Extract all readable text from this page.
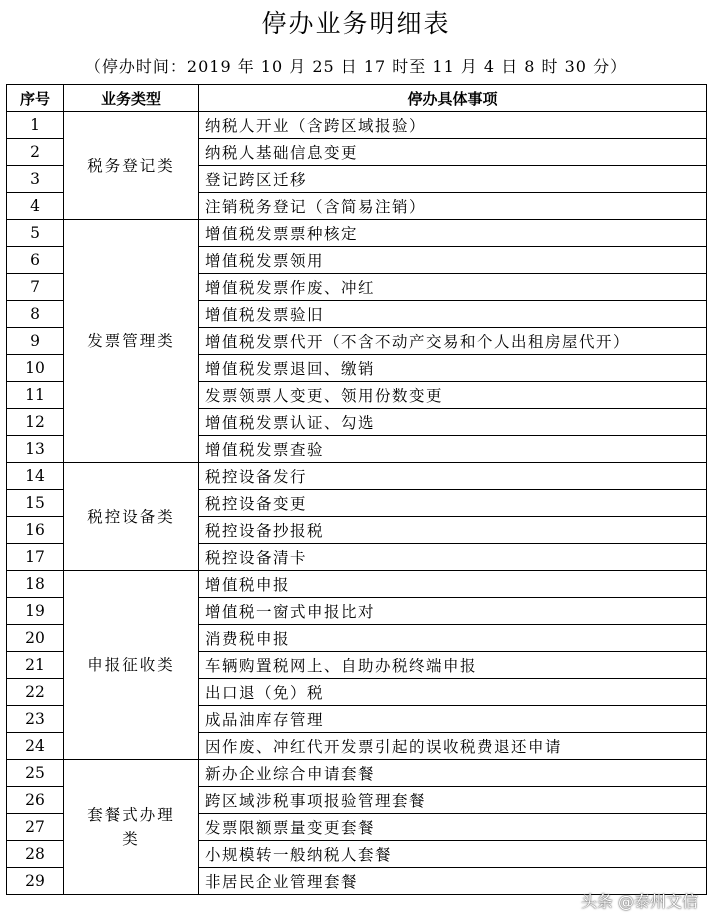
停办业务明细表
（停办时间：2019 年 10 月 25 日 17 时至 11 月 4 日 8 时 30 分）
序号	业务类型	停办具体事项
1	税务登记类	纳税人开业（含跨区域报验）
2		纳税人基础信息变更
3		登记跨区迁移
4		注销税务登记（含简易注销）
5	发票管理类	增值税发票票种核定
6		增值税发票领用
7		增值税发票作废、冲红
8		增值税发票验旧
9		增值税发票代开（不含不动产交易和个人出租房屋代开）
10		增值税发票退回、缴销
11		发票领票人变更、领用份数变更
12		增值税发票认证、勾选
13		增值税发票查验
14	税控设备类	税控设备发行
15		税控设备变更
16		税控设备抄报税
17		税控设备清卡
18	申报征收类	增值税申报
19		增值税一窗式申报比对
20		消费税申报
21		车辆购置税网上、自助办税终端申报
22		出口退（免）税
23		成品油库存管理
24		因作废、冲红代开发票引起的误收税费退还申请
25	套餐式办理类	新办企业综合申请套餐
26		跨区域涉税事项报验管理套餐
27		发票限额票量变更套餐
28		小规模转一般纳税人套餐
29		非居民企业管理套餐
头条 @泰州文信
